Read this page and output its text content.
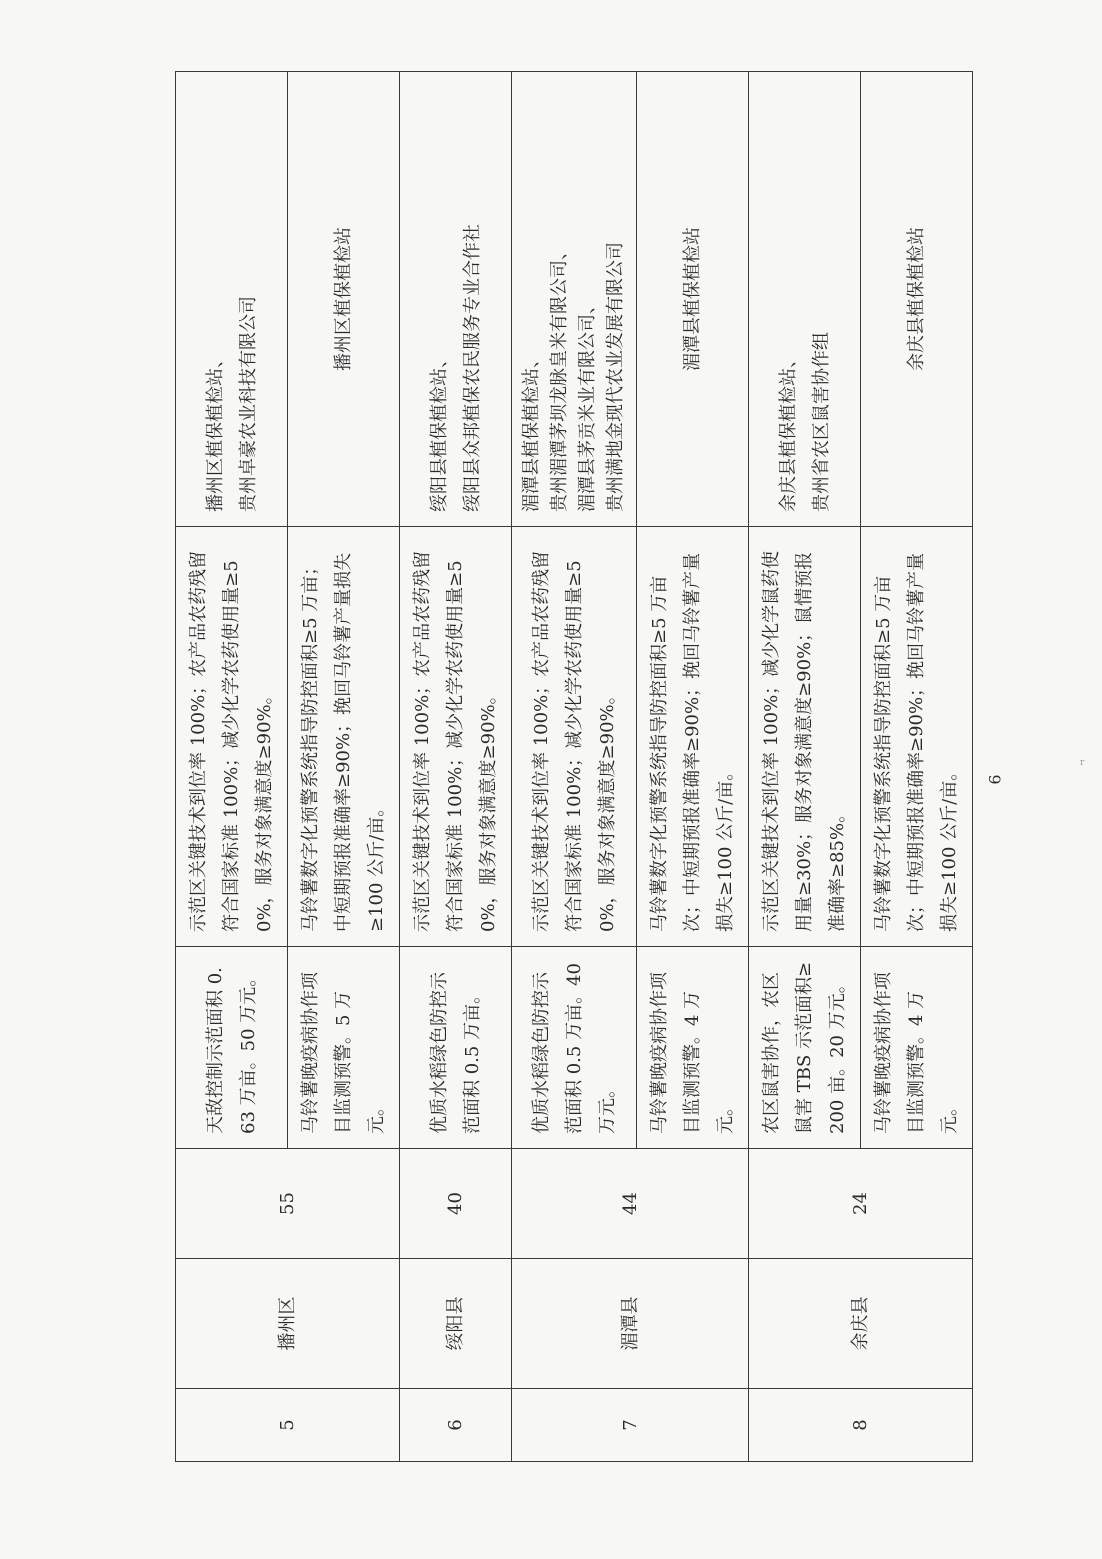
5	播州区	55	天敌控制示范面积 0.63 万亩。50 万元。	示范区关键技术到位率 100%；农产品农药残留符合国家标准 100%；减少化学农药使用量≥50%，服务对象满意度≥90%。	播州区植保植检站、 贵州卓豪农业科技有限公司

			马铃薯晚疫病协作项目监测预警。5 万元。	马铃薯数字化预警系统指导防控面积≥5 万亩；中短期预报准确率≥90%；挽回马铃薯产量损失≥100 公斤/亩。	播州区植保植检站

6	绥阳县	40	优质水稻绿色防控示范面积 0.5 万亩。	示范区关键技术到位率 100%；农产品农药残留符合国家标准 100%；减少化学农药使用量≥50%，服务对象满意度≥90%。	绥阳县植保植检站、 绥阳县众邦植保农民服务专业合作社

7	湄潭县	44	优质水稻绿色防控示范面积 0.5 万亩。40 万元。	示范区关键技术到位率 100%；农产品农药残留符合国家标准 100%；减少化学农药使用量≥50%，服务对象满意度≥90%。	湄潭县植保植检站、 贵州湄潭茅坝龙脉皇米有限公司、 湄潭县茅贡米业有限公司、 贵州满地金现代农业发展有限公司

			马铃薯晚疫病协作项目监测预警。4 万元。	马铃薯数字化预警系统指导防控面积≥5 万亩次；中短期预报准确率≥90%；挽回马铃薯产量损失≥100 公斤/亩。	湄潭县植保植检站

8	余庆县	24	农区鼠害协作，农区鼠害 TBS 示范面积≥200 亩。20 万元。	示范区关键技术到位率 100%；减少化学鼠药使用量≥30%；服务对象满意度≥90%；鼠情预报准确率≥85%。	余庆县植保植检站、 贵州省农区鼠害协作组

			马铃薯晚疫病协作项目监测预警。4 万元。	马铃薯数字化预警系统指导防控面积≥5 万亩次；中短期预报准确率≥90%；挽回马铃薯产量损失≥100 公斤/亩。	余庆县植保植检站
6
r
